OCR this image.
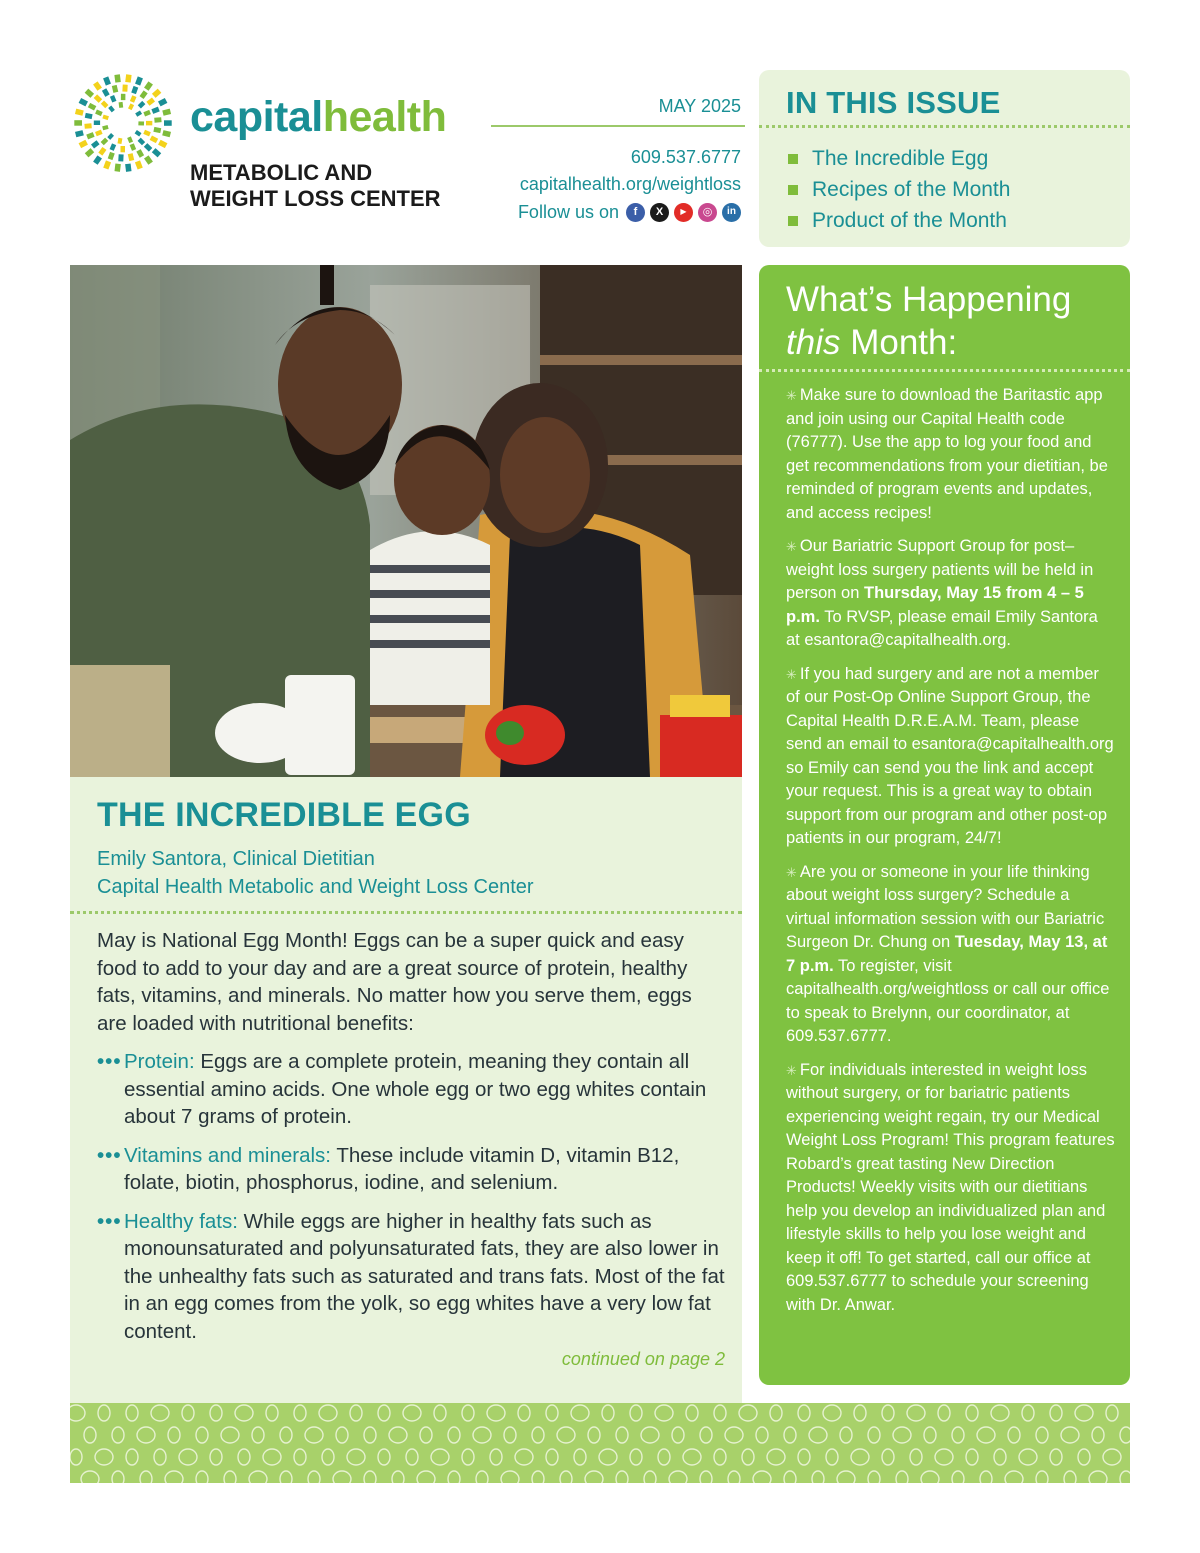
capitalhealth
METABOLIC AND
WEIGHT LOSS CENTER
MAY 2025
609.537.6777
capitalhealth.org/weightloss
Follow us on	f	X	▶	◎	in
IN THIS ISSUE
The Incredible Egg
Recipes of the Month
Product of the Month
THE INCREDIBLE EGG
Emily Santora, Clinical Dietitian
Capital Health Metabolic and Weight Loss Center

May is National Egg Month! Eggs can be a super quick and easy food to add to your day and are a great source of protein, healthy fats, vitamins, and minerals. No matter how you serve them, eggs are loaded with nutritional benefits:

••• Protein: Eggs are a complete protein, meaning they contain all essential amino acids. One whole egg or two egg whites contain about 7 grams of protein.
••• Vitamins and minerals: These include vitamin D, vitamin B12, folate, biotin, phosphorus, iodine, and selenium.
••• Healthy fats: While eggs are higher in healthy fats such as monounsaturated and polyunsaturated fats, they are also lower in the unhealthy fats such as saturated and trans fats. Most of the fat in an egg comes from the yolk, so egg whites have a very low fat content.
continued on page 2
What’s Happening
this Month:

✳ Make sure to download the Baritastic app and join using our Capital Health code (76777). Use the app to log your food and get recommendations from your dietitian, be reminded of program events and updates, and access recipes!

✳ Our Bariatric Support Group for post–weight loss surgery patients will be held in person on Thursday, May 15 from 4 – 5 p.m. To RVSP, please email Emily Santora at esantora@capitalhealth.org.

✳ If you had surgery and are not a member of our Post-Op Online Support Group, the Capital Health D.R.E.A.M. Team, please send an email to esantora@capitalhealth.org so Emily can send you the link and accept your request. This is a great way to obtain support from our program and other post-op patients in our program, 24/7!

✳ Are you or someone in your life thinking about weight loss surgery? Schedule a virtual information session with our Bariatric Surgeon Dr. Chung on Tuesday, May 13, at 7 p.m. To register, visit capitalhealth.org/weightloss or call our office to speak to Brelynn, our coordinator, at 609.537.6777.

✳ For individuals interested in weight loss without surgery, or for bariatric patients experiencing weight regain, try our Medical Weight Loss Program! This program features Robard’s great tasting New Direction Products! Weekly visits with our dietitians help you develop an individualized plan and lifestyle skills to help you lose weight and keep it off! To get started, call our office at 609.537.6777 to schedule your screening with Dr. Anwar.
